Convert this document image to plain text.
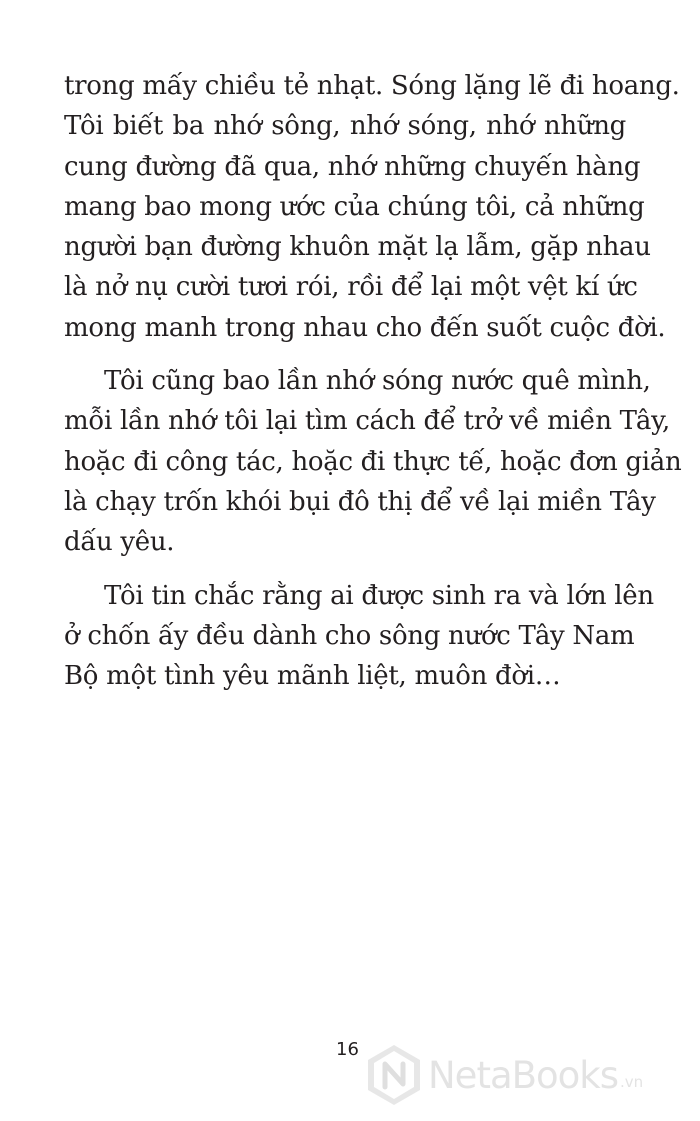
trong mấy chiều tẻ nhạt. Sóng lặng lẽ đi hoang.
Tôi biết ba nhớ sông, nhớ sóng, nhớ những
cung đường đã qua, nhớ những chuyến hàng
mang bao mong ước của chúng tôi, cả những
người bạn đường khuôn mặt lạ lẫm, gặp nhau
là nở nụ cười tươi rói, rồi để lại một vệt kí ức
mong manh trong nhau cho đến suốt cuộc đời.
Tôi cũng bao lần nhớ sóng nước quê mình,
mỗi lần nhớ tôi lại tìm cách để trở về miền Tây,
hoặc đi công tác, hoặc đi thực tế, hoặc đơn giản
là chạy trốn khói bụi đô thị để về lại miền Tây
dấu yêu.
Tôi tin chắc rằng ai được sinh ra và lớn lên
ở chốn ấy đều dành cho sông nước Tây Nam
Bộ một tình yêu mãnh liệt, muôn đời…
16
NetaBooks .vn
